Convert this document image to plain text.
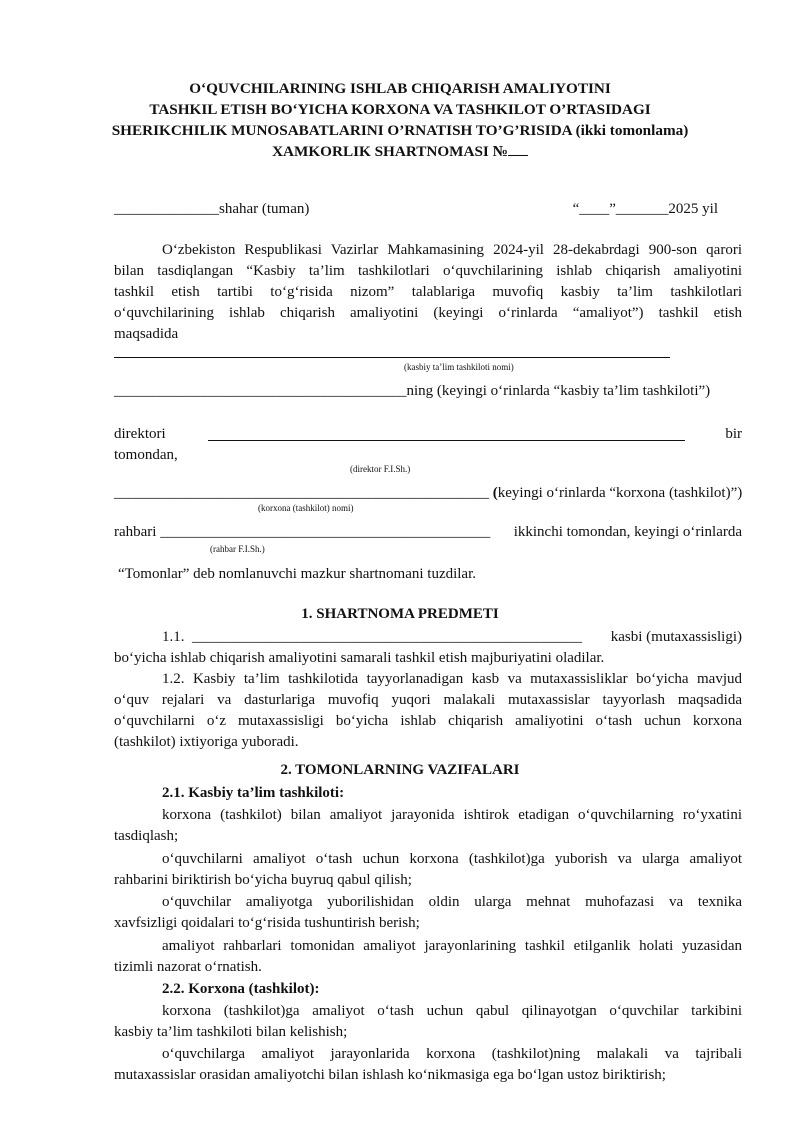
O‘QUVCHILARINING ISHLAB CHIQARISH AMALIYOTINI
TASHKIL ETISH BO‘YICHA KORXONA VA TASHKILOT O’RTASIDAGI
SHERIKCHILIK MUNOSABATLARINI O’RNATISH TO’G’RISIDA (ikki tomonlama)
XAMKORLIK SHARTNOMASI №
______________shahar (tuman)	“____”_______2025 yil
O‘zbekiston Respublikasi Vazirlar Mahkamasining 2024-yil 28-dekabrdagi 900-son qarori
bilan tasdiqlangan “Kasbiy ta’lim tashkilotlari o‘quvchilarining ishlab chiqarish amaliyotini
tashkil etish tartibi to‘g‘risida nizom” talablariga muvofiq kasbiy ta’lim tashkilotlari
o‘quvchilarining ishlab chiqarish amaliyotini (keyingi o‘rinlarda “amaliyot”) tashkil etish
maqsadida
(kasbiy ta’lim tashkiloti nomi)
_______________________________________ning (keyingi o‘rinlarda “kasbiy ta’lim tashkiloti”)
direktori	bir
tomondan,
(direktor F.I.Sh.)
__________________________________________________ (keyingi o‘rinlarda “korxona (tashkilot)”)
(korxona (tashkilot) nomi)
rahbari ____________________________________________ ikkinchi tomondan, keyingi o‘rinlarda
(rahbar F.I.Sh.)
“Tomonlar” deb nomlanuvchi mazkur shartnomani tuzdilar.
1. SHARTNOMA PREDMETI
1.1. ____________________________________________________ kasbi (mutaxassisligi)
bo‘yicha ishlab chiqarish amaliyotini samarali tashkil etish majburiyatini oladilar.
1.2. Kasbiy ta’lim tashkilotida tayyorlanadigan kasb va mutaxassisliklar bo‘yicha mavjud
o‘quv rejalari va dasturlariga muvofiq yuqori malakali mutaxassislar tayyorlash maqsadida
o‘quvchilarni o‘z mutaxassisligi bo‘yicha ishlab chiqarish amaliyotini o‘tash uchun korxona
(tashkilot) ixtiyoriga yuboradi.
2. TOMONLARNING VAZIFALARI
2.1. Kasbiy ta’lim tashkiloti:
korxona (tashkilot) bilan amaliyot jarayonida ishtirok etadigan o‘quvchilarning ro‘yxatini
tasdiqlash;
o‘quvchilarni amaliyot o‘tash uchun korxona (tashkilot)ga yuborish va ularga amaliyot
rahbarini biriktirish bo‘yicha buyruq qabul qilish;
o‘quvchilar amaliyotga yuborilishidan oldin ularga mehnat muhofazasi va texnika
xavfsizligi qoidalari to‘g‘risida tushuntirish berish;
amaliyot rahbarlari tomonidan amaliyot jarayonlarining tashkil etilganlik holati yuzasidan
tizimli nazorat o‘rnatish.
2.2. Korxona (tashkilot):
korxona (tashkilot)ga amaliyot o‘tash uchun qabul qilinayotgan o‘quvchilar tarkibini
kasbiy ta’lim tashkiloti bilan kelishish;
o‘quvchilarga amaliyot jarayonlarida korxona (tashkilot)ning malakali va tajribali
mutaxassislar orasidan amaliyotchi bilan ishlash ko‘nikmasiga ega bo‘lgan ustoz biriktirish;
